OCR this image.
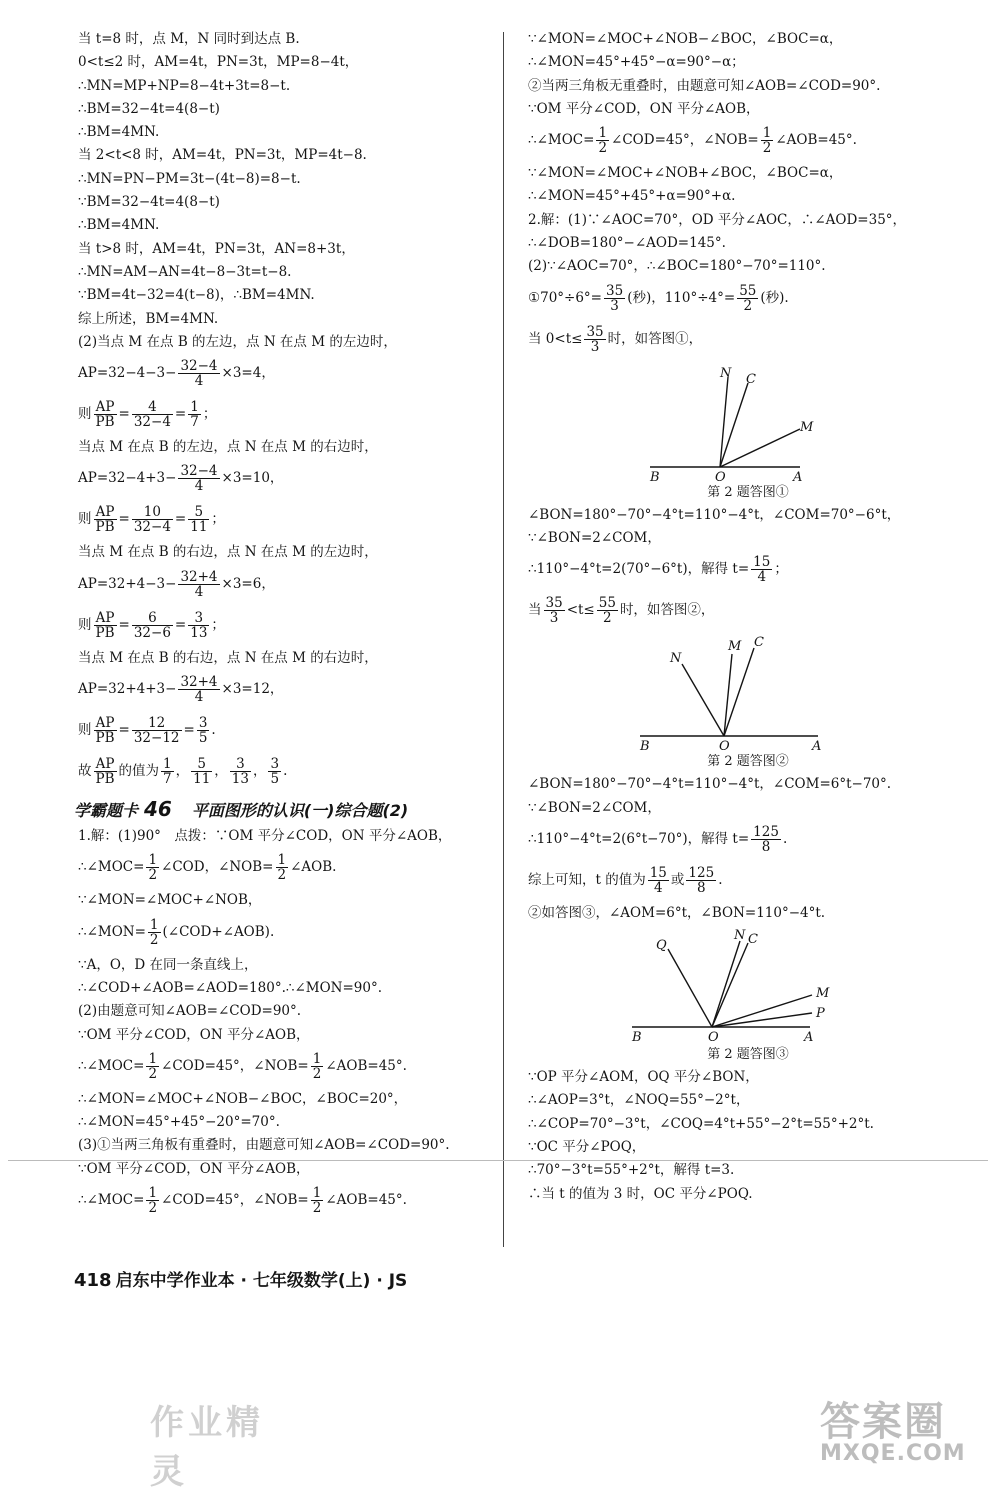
当 t=8 时，点 M，N 同时到达点 B.
0<t≤2 时，AM=4t，PN=3t，MP=8−4t，
∴MN=MP+NP=8−4t+3t=8−t.
∴BM=32−4t=4(8−t)
∴BM=4MN.
当 2<t<8 时，AM=4t，PN=3t，MP=4t−8.
∴MN=PN−PM=3t−(4t−8)=8−t.
∵BM=32−4t=4(8−t)
∴BM=4MN.
当 t>8 时，AM=4t，PN=3t，AN=8+3t，
∴MN=AM−AN=4t−8−3t=t−8.
∵BM=4t−32=4(t−8)，∴BM=4MN.
综上所述，BM=4MN.
(2)当点 M 在点 B 的左边，点 N 在点 M 的左边时，
$AP=32-4-3- \frac{32-4}{4} \times 3=4$，
则 $\frac{AP}{PB} = \frac{4}{32-4} = \frac{1}{7}$ ；
当点 M 在点 B 的左边，点 N 在点 M 的右边时，
$AP=32-4+3- \frac{32-4}{4} \times 3=10$，
则 $\frac{AP}{PB} = \frac{10}{32-4} = \frac{5}{11}$ ；
当点 M 在点 B 的右边，点 N 在点 M 的左边时，
$AP=32+4-3- \frac{32+4}{4} \times 3=6$，
则 $\frac{AP}{PB} = \frac{6}{32-6} = \frac{3}{13}$ ；
当点 M 在点 B 的右边，点 N 在点 M 的右边时，
$AP=32+4+3- \frac{32+4}{4} \times 3=12$，
则 $\frac{AP}{PB} = \frac{12}{32-12} = \frac{3}{5}$ .
故 $\frac{AP}{PB}$ 的值为 $\frac{1}{7}$ ， $\frac{5}{11}$ ， $\frac{3}{13}$ ， $\frac{3}{5}$ .
学霸题卡 46 平面图形的认识(一)综合题(2)
1.解：(1)90°　点拨：∵OM 平分∠COD，ON 平分∠AOB，
∴∠MOC= $\frac{1}{2}$ ∠COD，∠NOB= $\frac{1}{2}$ ∠AOB.
∵∠MON=∠MOC+∠NOB，
∴∠MON= $\frac{1}{2}$ (∠COD+∠AOB).
∵A，O，D 在同一条直线上，
∴∠COD+∠AOB=∠AOD=180°.∴∠MON=90°.
(2)由题意可知∠AOB=∠COD=90°.
∵OM 平分∠COD，ON 平分∠AOB，
∴∠MOC= $\frac{1}{2}$ ∠COD=45°，∠NOB= $\frac{1}{2}$ ∠AOB=45°.
∴∠MON=∠MOC+∠NOB−∠BOC，∠BOC=20°，
∴∠MON=45°+45°−20°=70°.
(3)①当两三角板有重叠时，由题意可知∠AOB=∠COD=90°.
∵OM 平分∠COD，ON 平分∠AOB，
∴∠MOC= $\frac{1}{2}$ ∠COD=45°，∠NOB= $\frac{1}{2}$ ∠AOB=45°.
∵∠MON=∠MOC+∠NOB−∠BOC，∠BOC=α，
∴∠MON=45°+45°−α=90°−α；
②当两三角板无重叠时，由题意可知∠AOB=∠COD=90°.
∵OM 平分∠COD，ON 平分∠AOB，
∴∠MOC= $\frac{1}{2}$ ∠COD=45°，∠NOB= $\frac{1}{2}$ ∠AOB=45°.
∵∠MON=∠MOC+∠NOB+∠BOC，∠BOC=α，
∴∠MON=45°+45°+α=90°+α.
2.解：(1)∵∠AOC=70°，OD 平分∠AOC，∴∠AOD=35°，
∴∠DOB=180°−∠AOD=145°.
(2)∵∠AOC=70°，∴∠BOC=180°−70°=110°.
①70°÷6°= $\frac{35}{3}$ (秒)，$110^\circ\div 4^\circ= \frac{55}{2}$ (秒).
当 $0<t\le \frac{35}{3}$ 时，如答图①，
N C
M
B	O	A
第 2 题答图①
∠BON=180°−70°−4°t=110°−4°t，∠COM=70°−6°t，
∵∠BON=2∠COM，
∴110°−4°t=2(70°−6°t)，解得 $t= \frac{15}{4}$ ；
当 $\frac{35}{3} <t\le \frac{55}{2}$ 时，如答图②，
N
M C
B	O	A
第 2 题答图②
∠BON=180°−70°−4°t=110°−4°t，∠COM=6°t−70°.
∵∠BON=2∠COM，
∴110°−4°t=2(6°t−70°)，解得 $t= \frac{125}{8}$ .
综上可知，t 的值为 $\frac{15}{4}$ 或 $\frac{125}{8}$ .
②如答图③，∠AOM=6°t，∠BON=110°−4°t.
Q
N C
M
P
B	O	A
第 2 题答图③
∵OP 平分∠AOM，OQ 平分∠BON，
∴∠AOP=3°t，∠NOQ=55°−2°t，
∴∠COP=70°−3°t，∠COQ=4°t+55°−2°t=55°+2°t.
∵OC 平分∠POQ，
∴70°−3°t=55°+2°t，解得 t=3.
∴当 t 的值为 3 时，OC 平分∠POQ.
418 启东中学作业本 · 七年级数学(上) · JS
作业精灵
答案圈
MXQE.COM
